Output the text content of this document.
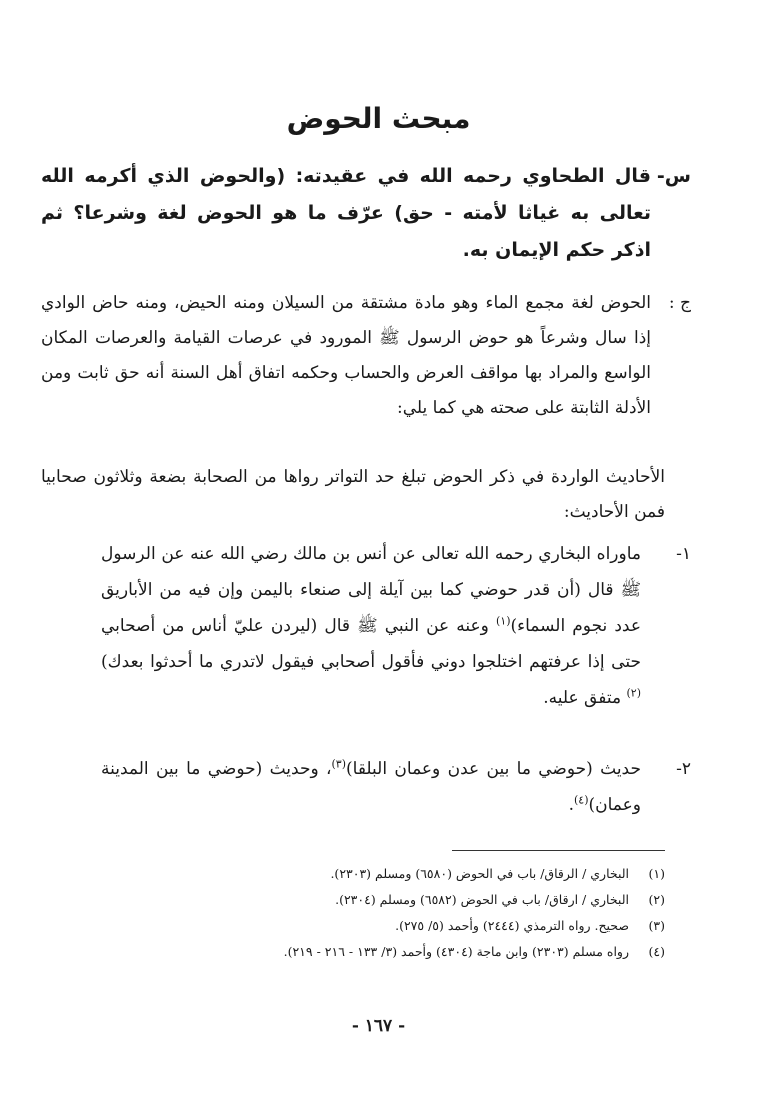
مبحث الحوض
س-
قال الطحاوي رحمه الله في عقيدته: (والحوض الذي أكرمه الله تعالى به غياثا لأمته - حق) عرّف ما هو الحوض لغة وشرعا؟ ثم اذكر حكم الإيمان به.
ج :
الحوض لغة مجمع الماء وهو مادة مشتقة من السيلان ومنه الحيض، ومنه حاض الوادي إذا سال وشرعاً هو حوض الرسول ﷺ المورود في عرصات القيامة والعرصات المكان الواسع والمراد بها مواقف العرض والحساب وحكمه اتفاق أهل السنة أنه حق ثابت ومن الأدلة الثابتة على صحته هي كما يلي:

الأحاديث الواردة في ذكر الحوض تبلغ حد التواتر رواها من الصحابة بضعة وثلاثون صحابيا فمن الأحاديث:

١-
ماوراه البخاري رحمه الله تعالى عن أنس بن مالك رضي الله عنه عن الرسول ﷺ قال (أن قدر حوضي كما بين آيلة إلى صنعاء باليمن وإن فيه من الأباريق عدد نجوم السماء)$^{(١)}$ وعنه عن النبي ﷺ قال (ليردن عليّ أناس من أصحابي حتى إذا عرفتهم اختلجوا دوني فأقول أصحابي فيقول لاتدري ما أحدثوا بعدك)$^{(٢)}$ متفق عليه.
٢-
حديث (حوضي ما بين عدن وعمان البلقا)$^{(٣)}$، وحديث (حوضي ما بين المدينة وعمان)$^{(٤)}$.
(١)
البخاري / الرقاق/ باب في الحوض (٦٥٨٠) ومسلم (٢٣٠٣).
(٢)
البخاري / ارقاق/ باب في الحوض (٦٥٨٢) ومسلم (٢٣٠٤).
(٣)
صحيح. رواه الترمذي (٢٤٤٤) وأحمد (٥/ ٢٧٥).
(٤)
رواه مسلم (٢٣٠٣) وابن ماجة (٤٣٠٤) وأحمد (٣/ ١٣٣ - ٢١٦ - ٢١٩).
- ١٦٧ -
